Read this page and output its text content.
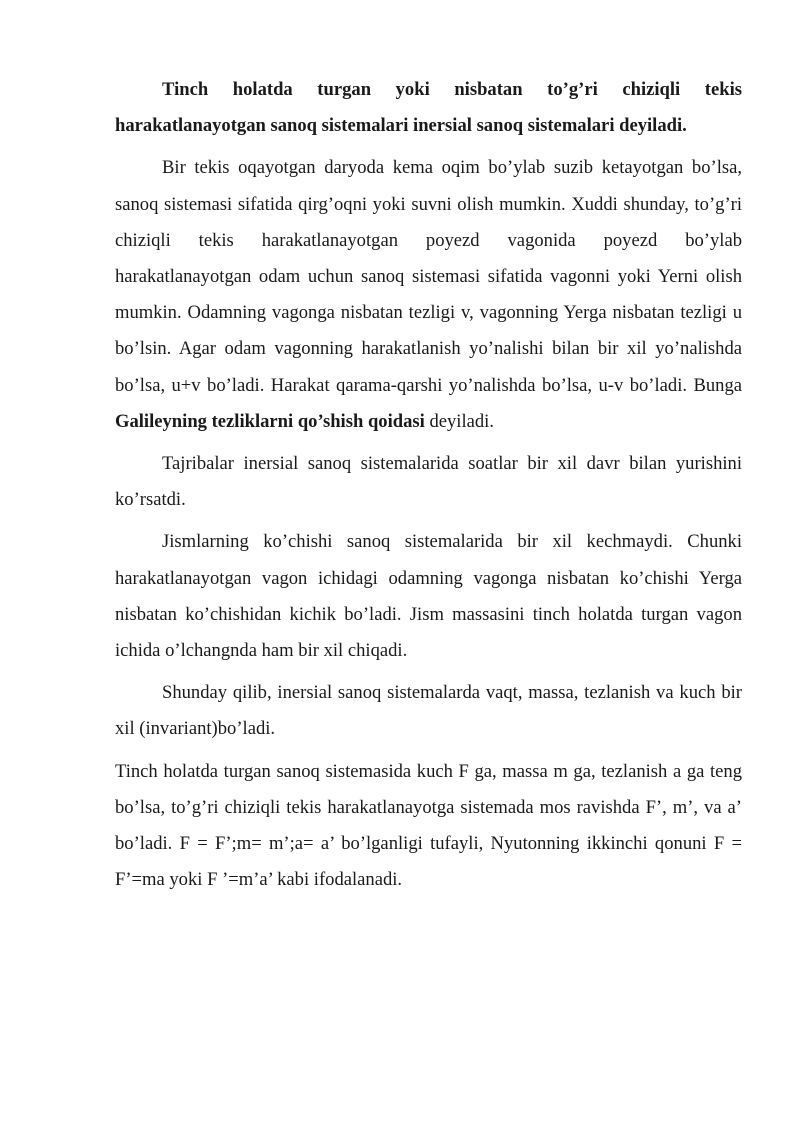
Tinch holatda turgan yoki nisbatan to’g’ri chiziqli tekis harakatlanayotgan sanoq sistemalari inersial sanoq sistemalari deyiladi.

Bir tekis oqayotgan daryoda kema oqim bo’ylab suzib ketayotgan bo’lsa, sanoq sistemasi sifatida qirg’oqni yoki suvni olish mumkin. Xuddi shunday, to’g’ri chiziqli tekis harakatlanayotgan poyezd vagonida poyezd bo’ylab harakatlanayotgan odam uchun sanoq sistemasi sifatida vagonni yoki Yerni olish mumkin. Odamning vagonga nisbatan tezligi v, vagonning Yerga nisbatan tezligi u bo’lsin. Agar odam vagonning harakatlanish yo’nalishi bilan bir xil yo’nalishda bo’lsa, u+v bo’ladi. Harakat qarama-qarshi yo’nalishda bo’lsa, u-v bo’ladi. Bunga Galileyning tezliklarni qo’shish qoidasi deyiladi.

Tajribalar inersial sanoq sistemalarida soatlar bir xil davr bilan yurishini ko’rsatdi.

Jismlarning ko’chishi sanoq sistemalarida bir xil kechmaydi. Chunki harakatlanayotgan vagon ichidagi odamning vagonga nisbatan ko’chishi Yerga nisbatan ko’chishidan kichik bo’ladi. Jism massasini tinch holatda turgan vagon ichida o’lchangnda ham bir xil chiqadi.

Shunday qilib, inersial sanoq sistemalarda vaqt, massa, tezlanish va kuch bir xil (invariant)bo’ladi.

Tinch holatda turgan sanoq sistemasida kuch F ga, massa m ga, tezlanish a ga teng bo’lsa, to’g’ri chiziqli tekis harakatlanayotga sistemada mos ravishda F’, m’, va a’ bo’ladi. F = F’;m= m’;a= a’ bo’lganligi tufayli, Nyutonning ikkinchi qonuni F = F’=ma yoki F ’=m’a’ kabi ifodalanadi.
